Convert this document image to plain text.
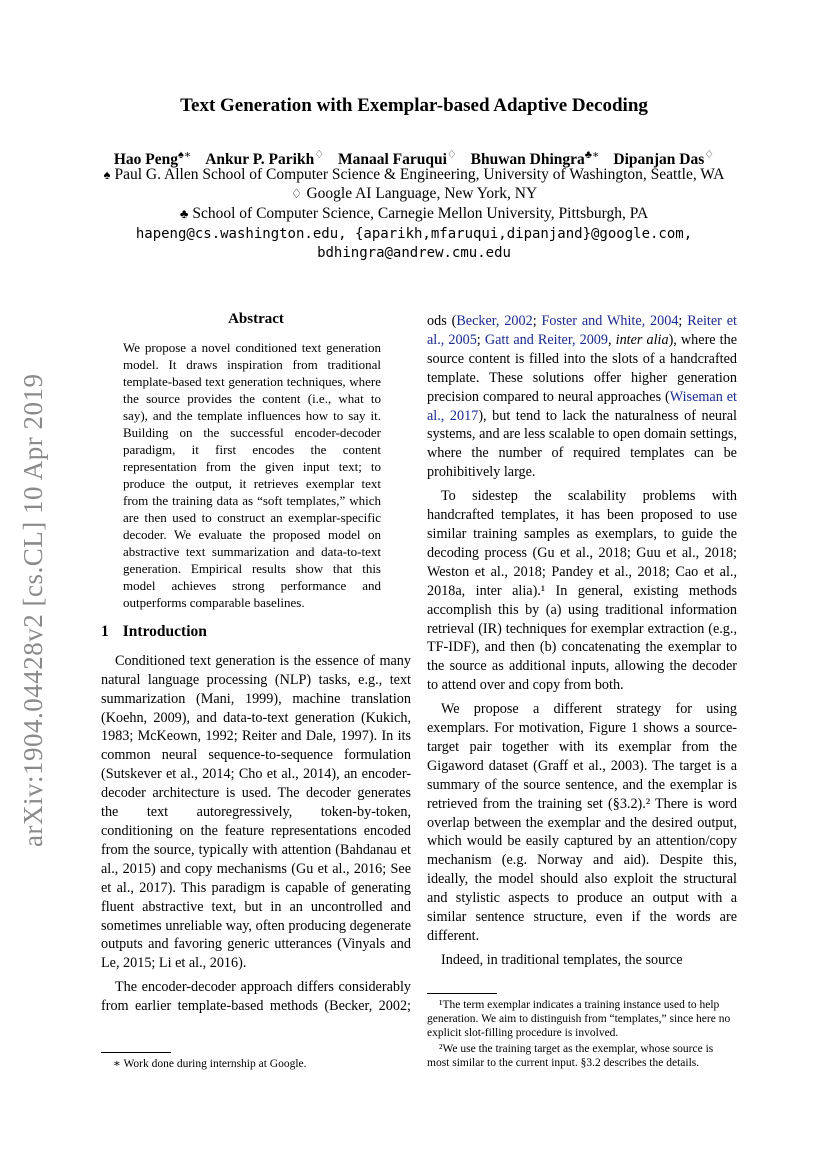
arXiv:1904.04428v2 [cs.CL] 10 Apr 2019
Text Generation with Exemplar-based Adaptive Decoding
Hao Peng♠∗ Ankur P. Parikh♢ Manaal Faruqui♢ Bhuwan Dhingra♣∗ Dipanjan Das♢
♠ Paul G. Allen School of Computer Science & Engineering, University of Washington, Seattle, WA
♢ Google AI Language, New York, NY
♣ School of Computer Science, Carnegie Mellon University, Pittsburgh, PA
hapeng@cs.washington.edu, {aparikh,mfaruqui,dipanjand}@google.com,
bdhingra@andrew.cmu.edu
Abstract

We propose a novel conditioned text generation model. It draws inspiration from traditional template-based text generation techniques, where the source provides the content (i.e., what to say), and the template influences how to say it. Building on the successful encoder-decoder paradigm, it first encodes the content representation from the given input text; to produce the output, it retrieves exemplar text from the training data as “soft templates,” which are then used to construct an exemplar-specific decoder. We evaluate the proposed model on abstractive text summarization and data-to-text generation. Empirical results show that this model achieves strong performance and outperforms comparable baselines.

1 Introduction

Conditioned text generation is the essence of many natural language processing (NLP) tasks, e.g., text summarization (Mani, 1999), machine translation (Koehn, 2009), and data-to-text generation (Kukich, 1983; McKeown, 1992; Reiter and Dale, 1997). In its common neural sequence-to-sequence formulation (Sutskever et al., 2014; Cho et al., 2014), an encoder-decoder architecture is used. The decoder generates the text autoregressively, token-by-token, conditioning on the feature representations encoded from the source, typically with attention (Bahdanau et al., 2015) and copy mechanisms (Gu et al., 2016; See et al., 2017). This paradigm is capable of generating fluent abstractive text, but in an uncontrolled and sometimes unreliable way, often producing degenerate outputs and favoring generic utterances (Vinyals and Le, 2015; Li et al., 2016).

The encoder-decoder approach differs considerably from earlier template-based methods (Becker, 2002;

∗ Work done during internship at Google.

ods (Becker, 2002; Foster and White, 2004; Reiter et al., 2005; Gatt and Reiter, 2009, inter alia), where the source content is filled into the slots of a handcrafted template. These solutions offer higher generation precision compared to neural approaches (Wiseman et al., 2017), but tend to lack the naturalness of neural systems, and are less scalable to open domain settings, where the number of required templates can be prohibitively large.

To sidestep the scalability problems with handcrafted templates, it has been proposed to use similar training samples as exemplars, to guide the decoding process (Gu et al., 2018; Guu et al., 2018; Weston et al., 2018; Pandey et al., 2018; Cao et al., 2018a, inter alia).¹ In general, existing methods accomplish this by (a) using traditional information retrieval (IR) techniques for exemplar extraction (e.g., TF-IDF), and then (b) concatenating the exemplar to the source as additional inputs, allowing the decoder to attend over and copy from both.

We propose a different strategy for using exemplars. For motivation, Figure 1 shows a source-target pair together with its exemplar from the Gigaword dataset (Graff et al., 2003). The target is a summary of the source sentence, and the exemplar is retrieved from the training set (§3.2).² There is word overlap between the exemplar and the desired output, which would be easily captured by an attention/copy mechanism (e.g. Norway and aid). Despite this, ideally, the model should also exploit the structural and stylistic aspects to produce an output with a similar sentence structure, even if the words are different.

Indeed, in traditional templates, the source

¹The term exemplar indicates a training instance used to help generation. We aim to distinguish from “templates,” since here no explicit slot-filling procedure is involved.

²We use the training target as the exemplar, whose source is most similar to the current input. §3.2 describes the details.
